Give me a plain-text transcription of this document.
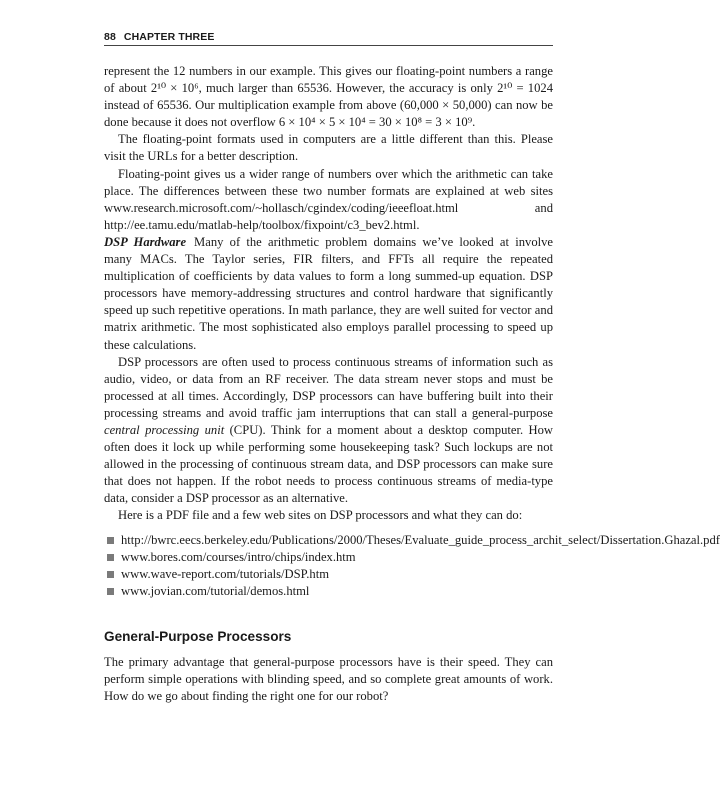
88 CHAPTER THREE

represent the 12 numbers in our example. This gives our floating-point numbers a range of about 2¹⁰ × 10⁶, much larger than 65536. However, the accuracy is only 2¹⁰ = 1024 instead of 65536. Our multiplication example from above (60,000 × 50,000) can now be done because it does not overflow 6 × 10⁴ × 5 × 10⁴ = 30 × 10⁸ = 3 × 10⁹.

The floating-point formats used in computers are a little different than this. Please visit the URLs for a better description.

Floating-point gives us a wider range of numbers over which the arithmetic can take place. The differences between these two number formats are explained at web sites www.research.microsoft.com/~hollasch/cgindex/coding/ieeefloat.html and http://ee.tamu.edu/matlab-help/toolbox/fixpoint/c3_bev2.html.

DSP Hardware Many of the arithmetic problem domains we’ve looked at involve many MACs. The Taylor series, FIR filters, and FFTs all require the repeated multiplication of coefficients by data values to form a long summed-up equation. DSP processors have memory-addressing structures and control hardware that significantly speed up such repetitive operations. In math parlance, they are well suited for vector and matrix arithmetic. The most sophisticated also employs parallel processing to speed up these calculations.

DSP processors are often used to process continuous streams of information such as audio, video, or data from an RF receiver. The data stream never stops and must be processed at all times. Accordingly, DSP processors can have buffering built into their processing streams and avoid traffic jam interruptions that can stall a general-purpose central processing unit (CPU). Think for a moment about a desktop computer. How often does it lock up while performing some housekeeping task? Such lockups are not allowed in the processing of continuous stream data, and DSP processors can make sure that does not happen. If the robot needs to process continuous streams of media-type data, consider a DSP processor as an alternative.

Here is a PDF file and a few web sites on DSP processors and what they can do:

http://bwrc.eecs.berkeley.edu/Publications/2000/Theses/Evaluate_guide_process_archit_select/Dissertation.Ghazal.pdf
www.bores.com/courses/intro/chips/index.htm
www.wave-report.com/tutorials/DSP.htm
www.jovian.com/tutorial/demos.html
General-Purpose Processors

The primary advantage that general-purpose processors have is their speed. They can perform simple operations with blinding speed, and so complete great amounts of work. How do we go about finding the right one for our robot?
